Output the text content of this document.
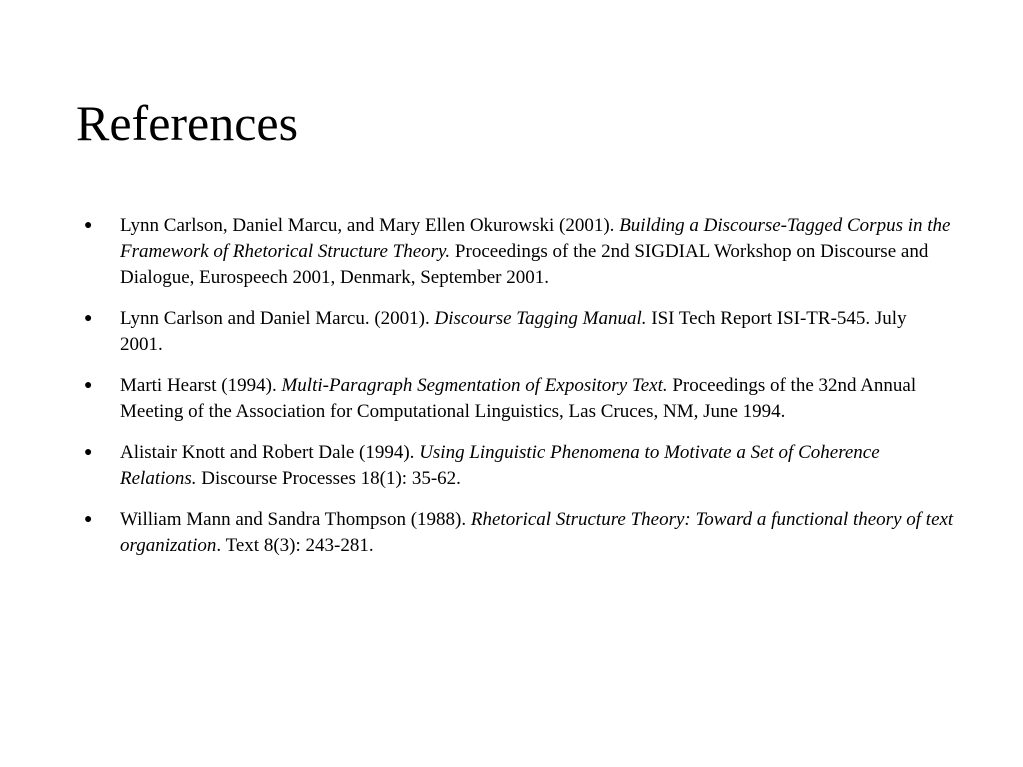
References
● Lynn Carlson, Daniel Marcu, and Mary Ellen Okurowski (2001). Building a Discourse-Tagged Corpus in the Framework of Rhetorical Structure Theory. Proceedings of the 2nd SIGDIAL Workshop on Discourse and Dialogue, Eurospeech 2001, Denmark, September 2001.
● Lynn Carlson and Daniel Marcu. (2001). Discourse Tagging Manual. ISI Tech Report ISI-TR-545. July 2001.
● Marti Hearst (1994). Multi-Paragraph Segmentation of Expository Text. Proceedings of the 32nd Annual Meeting of the Association for Computational Linguistics, Las Cruces, NM, June 1994.
● Alistair Knott and Robert Dale (1994). Using Linguistic Phenomena to Motivate a Set of Coherence Relations. Discourse Processes 18(1): 35-62.
● William Mann and Sandra Thompson (1988). Rhetorical Structure Theory: Toward a functional theory of text organization. Text 8(3): 243-281.
